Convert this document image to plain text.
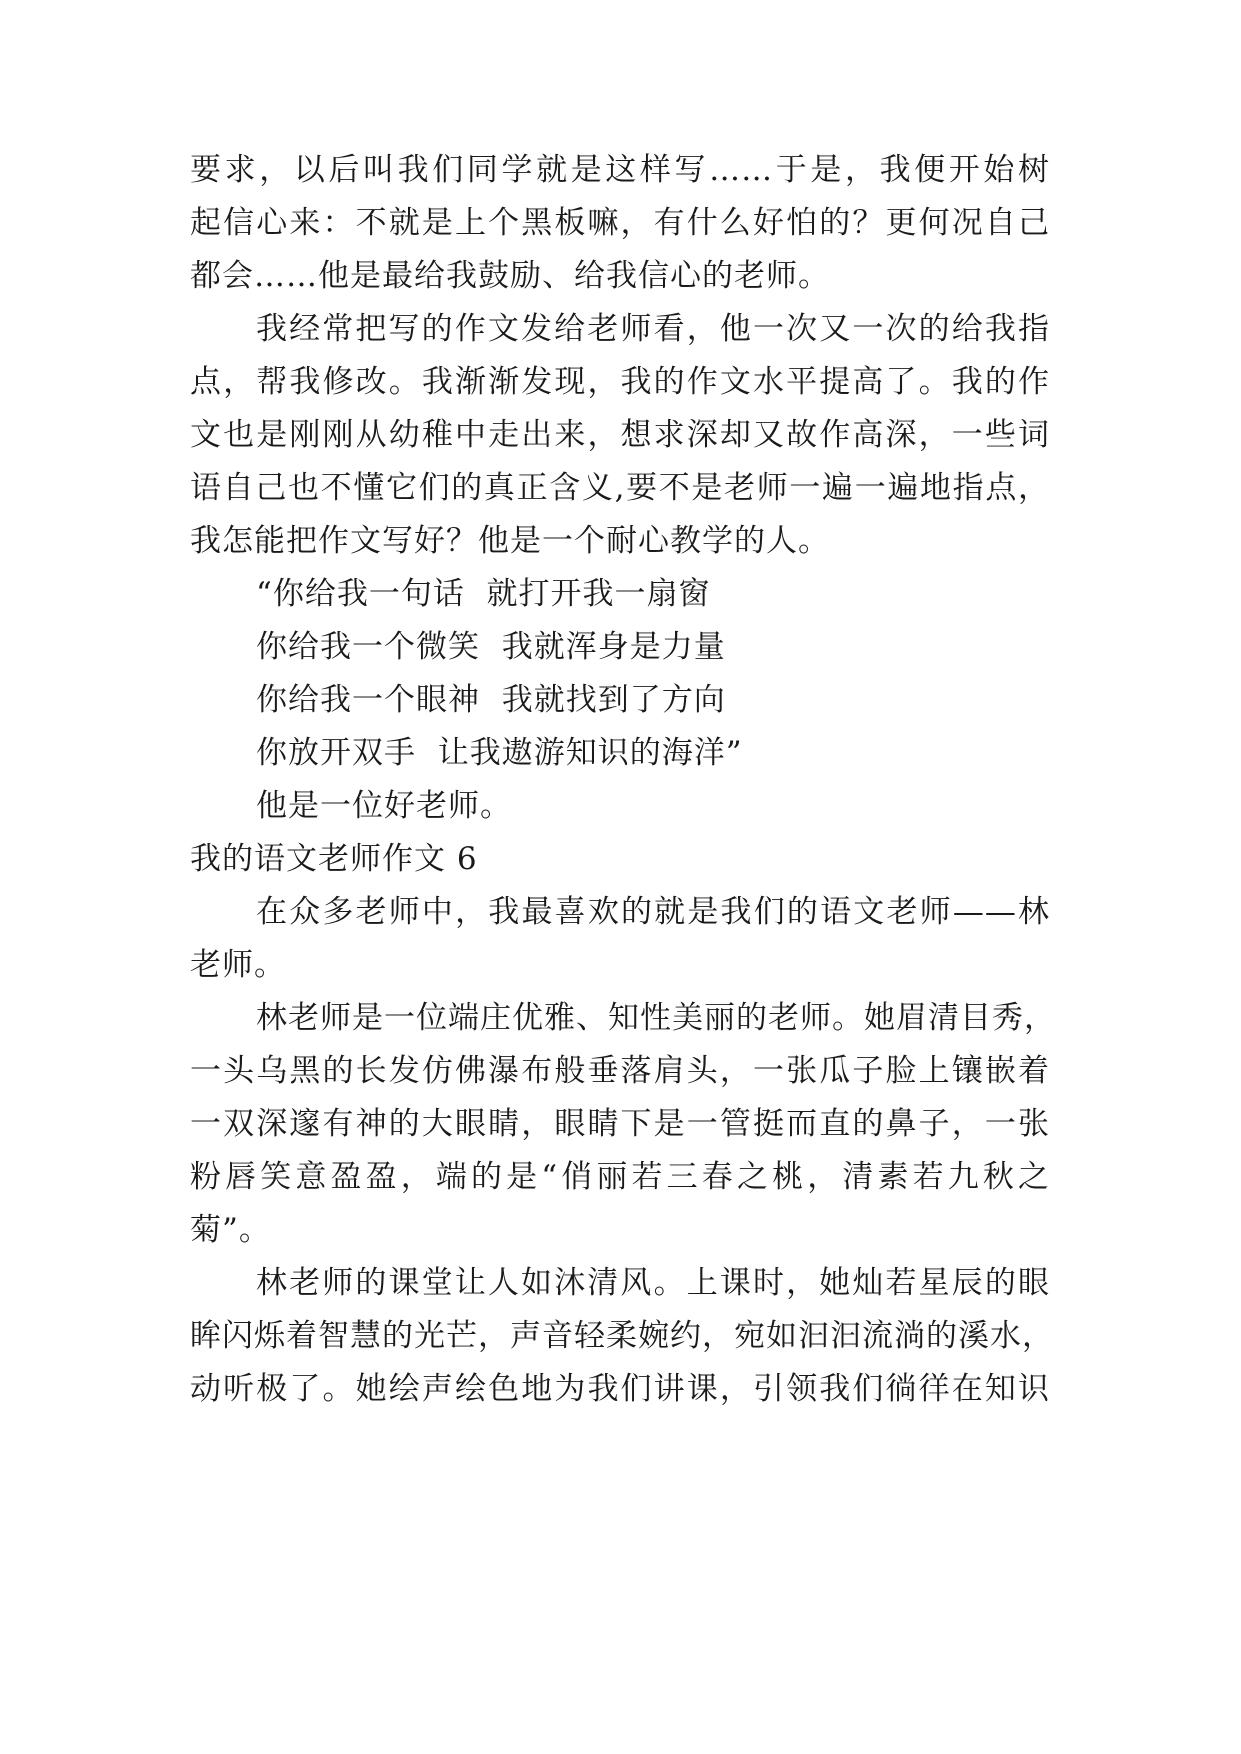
要求，以后叫我们同学就是这样写……于是，我便开始树
起信心来：不就是上个黑板嘛，有什么好怕的？更何况自己
都会……他是最给我鼓励、给我信心的老师。
我经常把写的作文发给老师看，他一次又一次的给我指
点，帮我修改。我渐渐发现，我的作文水平提高了。我的作
文也是刚刚从幼稚中走出来，想求深却又故作高深，一些词
语自己也不懂它们的真正含义,要不是老师一遍一遍地指点，
我怎能把作文写好？他是一个耐心教学的人。
“你给我一句话  就打开我一扇窗
你给我一个微笑  我就浑身是力量
你给我一个眼神  我就找到了方向
你放开双手  让我遨游知识的海洋”
他是一位好老师。
我的语文老师作文 6
在众多老师中，我最喜欢的就是我们的语文老师——林
老师。
林老师是一位端庄优雅、知性美丽的老师。她眉清目秀，
一头乌黑的长发仿佛瀑布般垂落肩头，一张瓜子脸上镶嵌着
一双深邃有神的大眼睛，眼睛下是一管挺而直的鼻子，一张
粉唇笑意盈盈，端的是“俏丽若三春之桃，清素若九秋之
菊”。
林老师的课堂让人如沐清风。上课时，她灿若星辰的眼
眸闪烁着智慧的光芒，声音轻柔婉约，宛如汩汩流淌的溪水，
动听极了。她绘声绘色地为我们讲课，引领我们徜徉在知识
